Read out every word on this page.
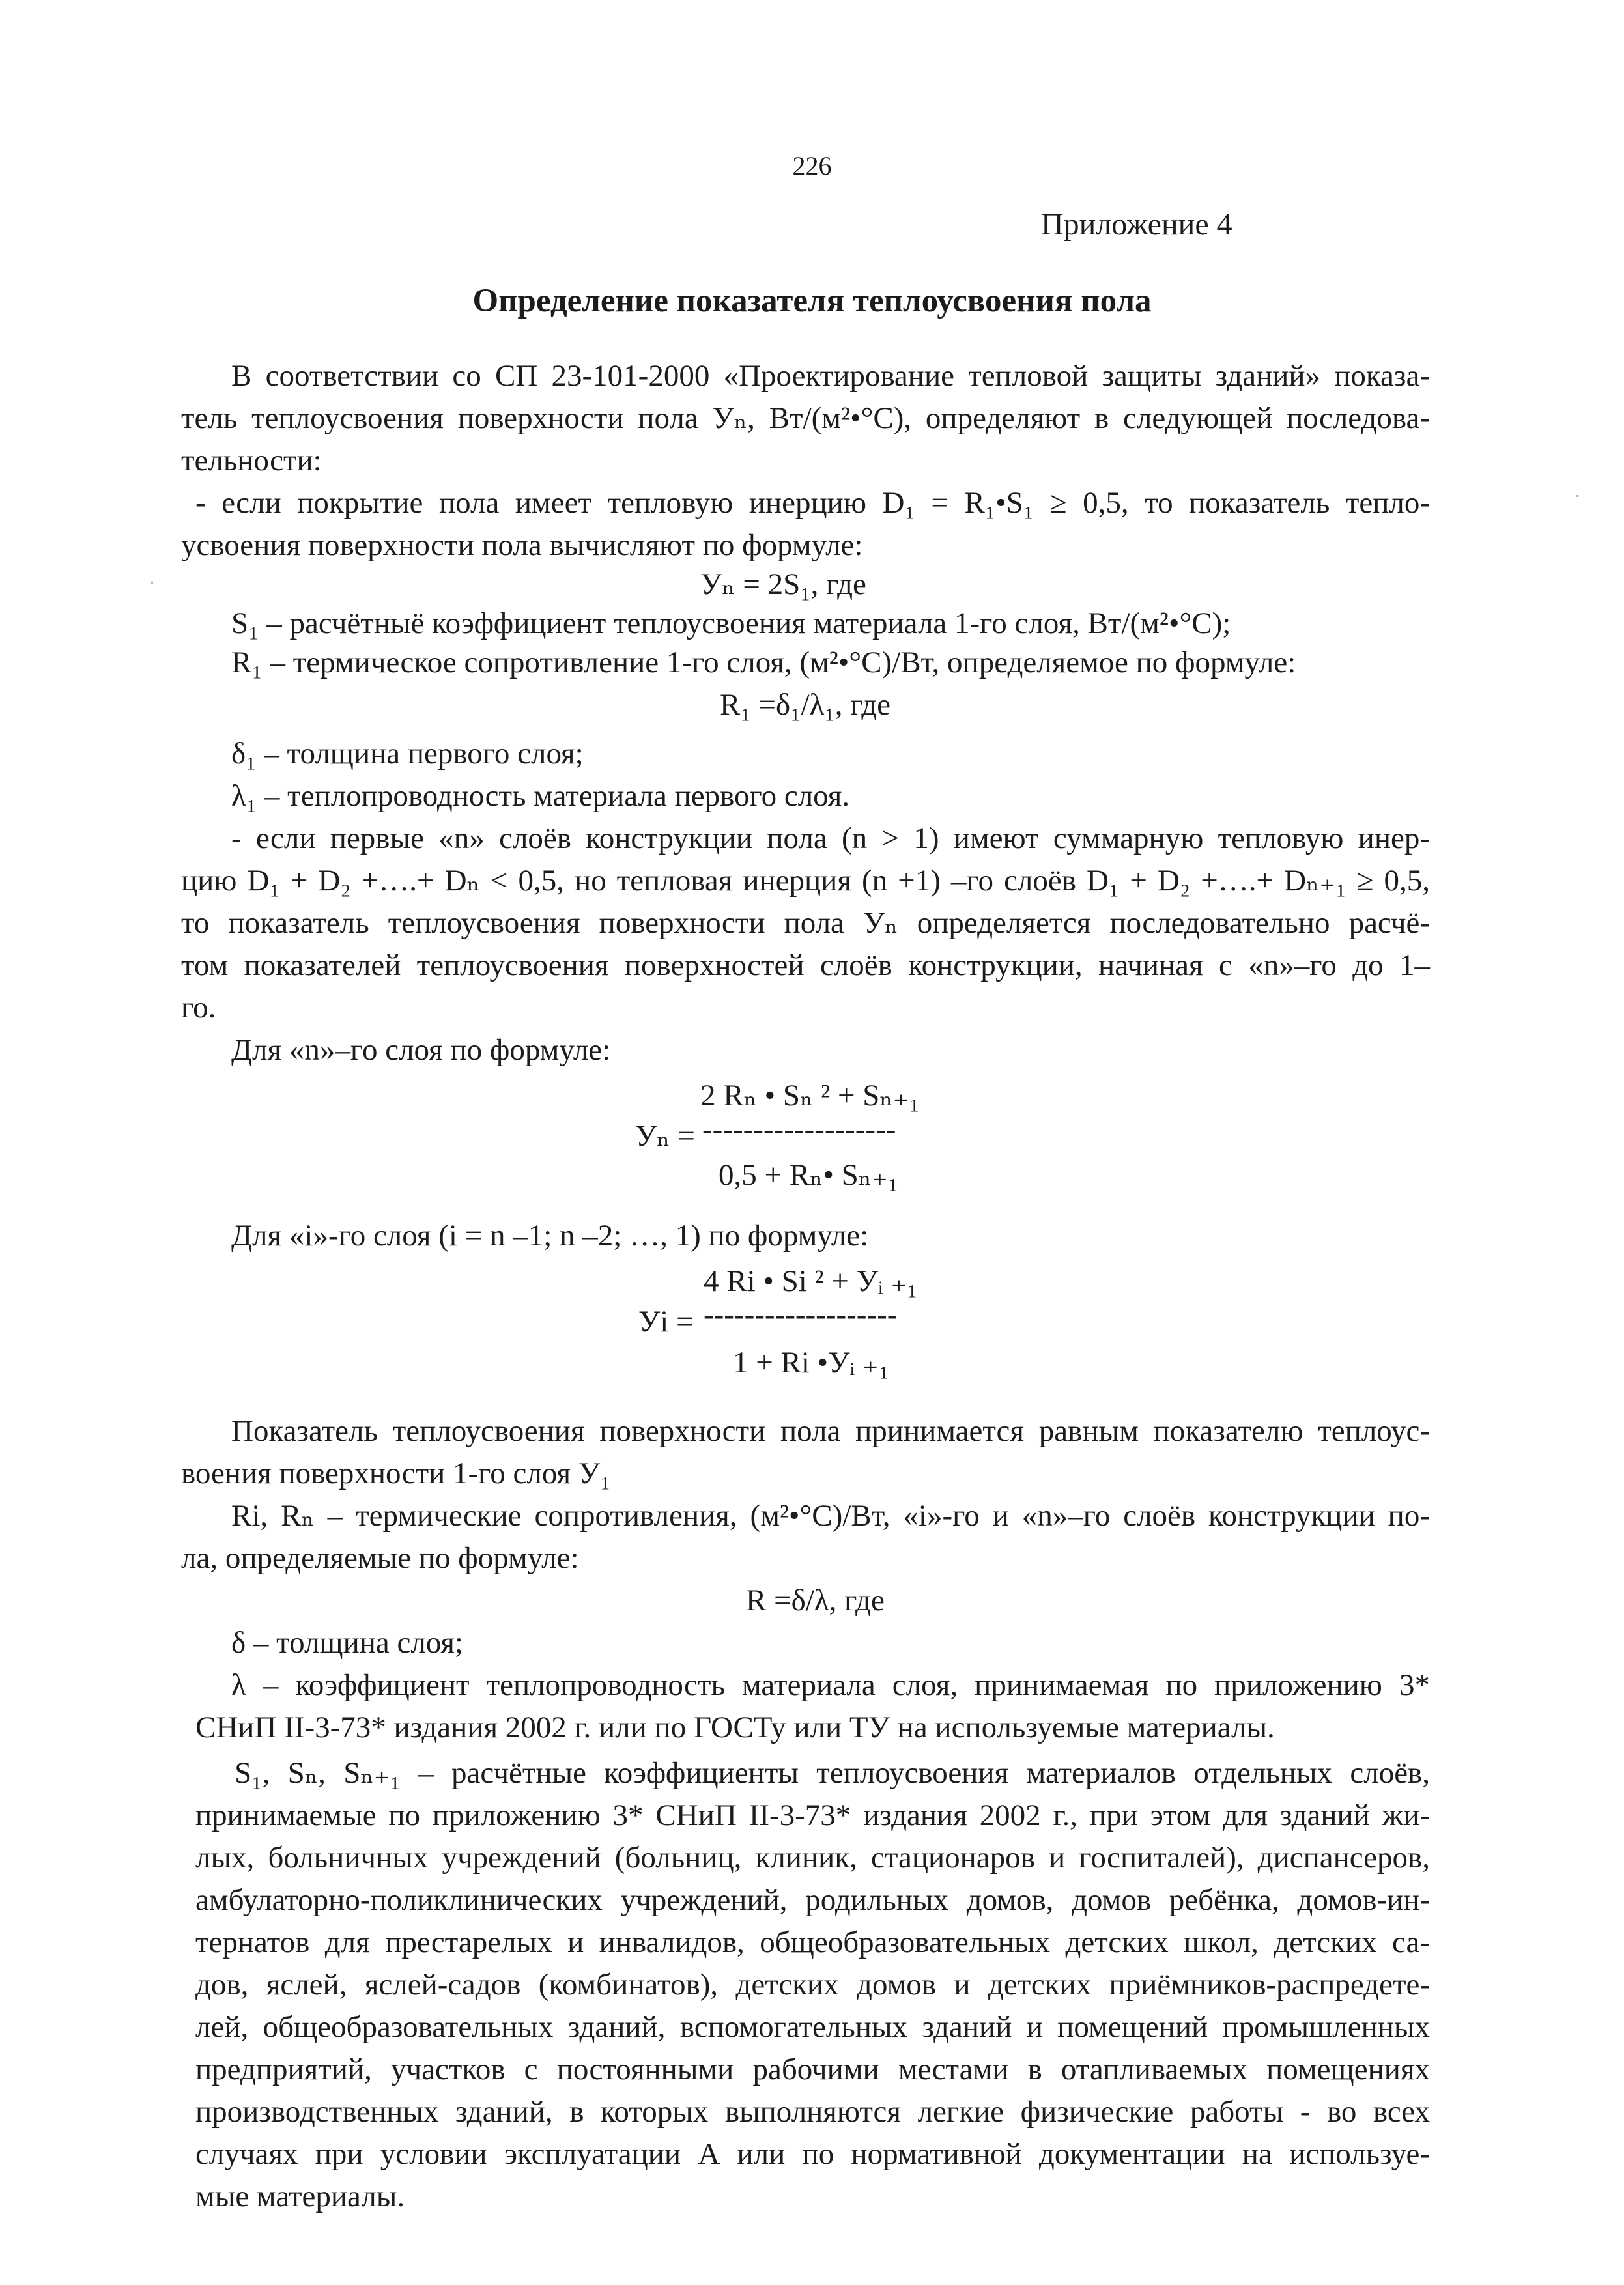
226
Приложение 4
Определение показателя теплоусвоения пола
В соответствии со СП 23-101-2000 «Проектирование тепловой защиты зданий» показа-
тель теплоусвоения поверхности пола Уₙ, Вт/(м²•°С), определяют в следующей последова-
тельности:
- если покрытие пола имеет тепловую инерцию D₁ = R₁•S₁ ≥ 0,5, то показатель тепло-
усвоения поверхности пола вычисляют по формуле:
Уₙ = 2S₁, где
S₁ – расчётныё коэффициент теплоусвоения материала 1-го слоя, Вт/(м²•°С);
R₁ – термическое сопротивление 1-го слоя, (м²•°С)/Вт, определяемое по формуле:
R₁ =δ₁/λ₁, где
δ₁ – толщина первого слоя;
λ₁ – теплопроводность материала первого слоя.
- если первые «n» слоёв конструкции пола (n > 1) имеют суммарную тепловую инер-
цию D₁ + D₂ +….+ Dₙ < 0,5, но тепловая инерция (n +1) –го слоёв D₁ + D₂ +….+ Dₙ₊₁ ≥ 0,5,
то показатель теплоусвоения поверхности пола Уₙ определяется последовательно расчё-
том показателей теплоусвоения поверхностей слоёв конструкции, начиная с «n»–го до 1–
го.
Для «n»–го слоя по формуле:
2 Rₙ • Sₙ ² + Sₙ₊₁
Уₙ = -------------------
0,5 + Rₙ• Sₙ₊₁
Для «i»-го слоя (i = n –1; n –2; …, 1) по формуле:
4 Ri • Si ² + Уᵢ ₊₁
Уi = -------------------
1 + Ri •Уᵢ ₊₁
Показатель теплоусвоения поверхности пола принимается равным показателю теплоус-
воения поверхности 1-го слоя У₁
Ri, Rₙ – термические сопротивления, (м²•°С)/Вт, «i»-го и «n»–го слоёв конструкции по-
ла, определяемые по формуле:
R =δ/λ, где
δ – толщина слоя;
λ – коэффициент теплопроводность материала слоя, принимаемая по приложению 3*
СНиП II-3-73* издания 2002 г. или по ГОСТу или ТУ на используемые материалы.
S₁, Sₙ, Sₙ₊₁ – расчётные коэффициенты теплоусвоения материалов отдельных слоёв,
принимаемые по приложению 3* СНиП II-3-73* издания 2002 г., при этом для зданий жи-
лых, больничных учреждений (больниц, клиник, стационаров и госпиталей), диспансеров,
амбулаторно-поликлинических учреждений, родильных домов, домов ребёнка, домов-ин-
тернатов для престарелых и инвалидов, общеобразовательных детских школ, детских са-
дов, яслей, яслей-садов (комбинатов), детских домов и детских приёмников-распредете-
лей, общеобразовательных зданий, вспомогательных зданий и помещений промышленных
предприятий, участков с постоянными рабочими местами в отапливаемых помещениях
производственных зданий, в которых выполняются легкие физические работы - во всех
случаях при условии эксплуатации А или по нормативной документации на используе-
мые материалы.
